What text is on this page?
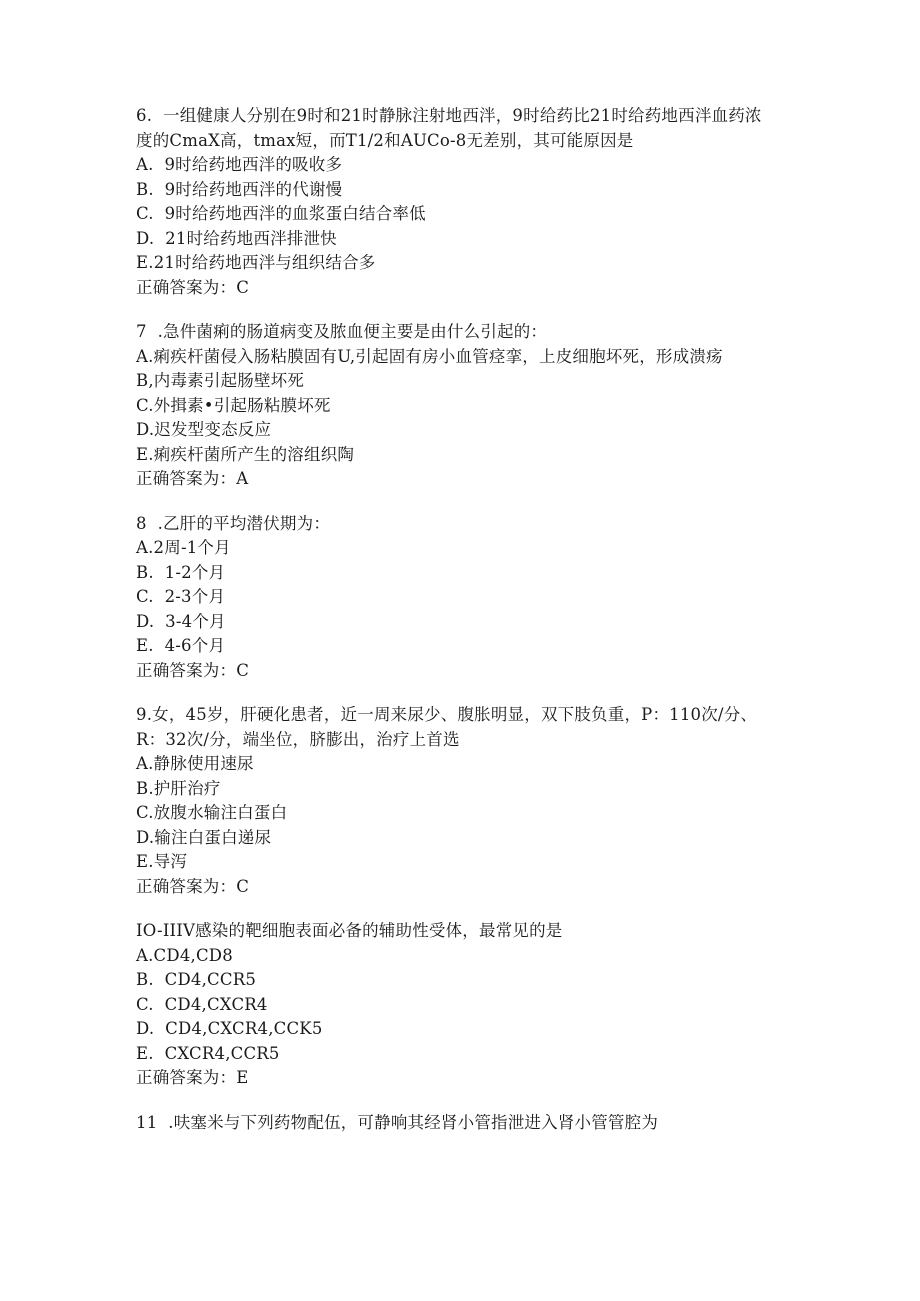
6.  一组健康人分别在9时和21时静脉注射地西泮，9时给药比21时给药地西泮血药浓度的CmaX高，tmax短，而T1/2和AUCo-8无差别，其可能原因是
A.  9时给药地西泮的吸收多
B.  9时给药地西泮的代谢慢
C.  9时给药地西泮的血浆蛋白结合率低
D.  21时给药地西泮排泄快
E.21时给药地西泮与组织结合多
正确答案为：C
7  .急件菌痢的肠道病变及脓血便主要是由什么引起的：
A.痢疾杆菌侵入肠粘膜固有U,引起固有房小血管痉挛，上皮细胞坏死，形成溃疡
B,内毒素引起肠壁坏死
C.外揖素•引起肠粘膜坏死
D.迟发型变态反应
E.痢疾杆菌所产生的溶组织陶
正确答案为：A
8  .乙肝的平均潜伏期为：
A.2周-1个月
B.  1-2个月
C.  2-3个月
D.  3-4个月
E.  4-6个月
正确答案为：C
9.女，45岁，肝硬化患者，近一周来尿少、腹胀明显，双下肢负重，P：110次/分、R：32次/分，端坐位，脐膨出，治疗上首选
A.静脉使用速尿
B.护肝治疗
C.放腹水输注白蛋白
D.输注白蛋白递尿
E.导泻
正确答案为：C
IO-IIIV感染的靶细胞表面必备的辅助性受体，最常见的是
A.CD4,CD8
B.  CD4,CCR5
C.  CD4,CXCR4
D.  CD4,CXCR4,CCK5
E.  CXCR4,CCR5
正确答案为：E
11  .呋塞米与下列药物配伍，可静响其经肾小管指泄进入肾小管管腔为
